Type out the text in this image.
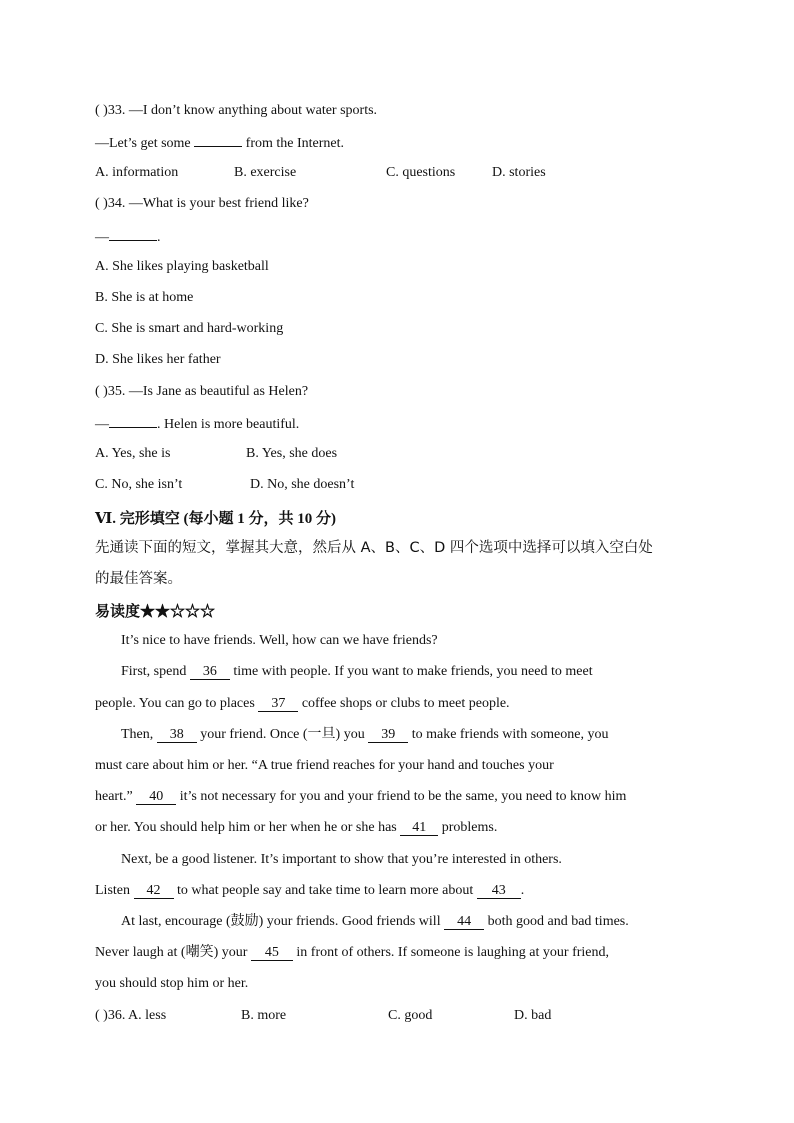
( )33. —I don’t know anything about water sports.
—Let’s get some	from the Internet.
A. information	B. exercise	C. questions	D. stories
( )34. —What is your best friend like?
—	.
A. She likes playing basketball
B. She is at home
C. She is smart and hard-working
D. She likes her father
( )35. —Is Jane as beautiful as Helen?
—	. Helen is more beautiful.
A. Yes, she is	B. Yes, she does
C. No, she isn’t	D. No, she doesn’t
Ⅵ. 完形填空 (每小题 1 分，共 10 分)
先通读下面的短文，掌握其大意，然后从 A、B、C、D 四个选项中选择可以填入空白处
的最佳答案。
易读度★★☆☆☆
It’s nice to have friends. Well, how can we have friends?
First, spend 36 time with people. If you want to make friends, you need to meet
people. You can go to places 37 coffee shops or clubs to meet people.
Then, 38 your friend. Once (一旦) you 39 to make friends with someone, you
must care about him or her. “A true friend reaches for your hand and touches your
heart.” 40 it’s not necessary for you and your friend to be the same, you need to know him
or her. You should help him or her when he or she has 41 problems.
Next, be a good listener. It’s important to show that you’re interested in others.
Listen 42 to what people say and take time to learn more about 43 .
At last, encourage (鼓励) your friends. Good friends will 44 both good and bad times.
Never laugh at (嘲笑) your 45 in front of others. If someone is laughing at your friend,
you should stop him or her.
( )36. A. less	B. more	C. good	D. bad
